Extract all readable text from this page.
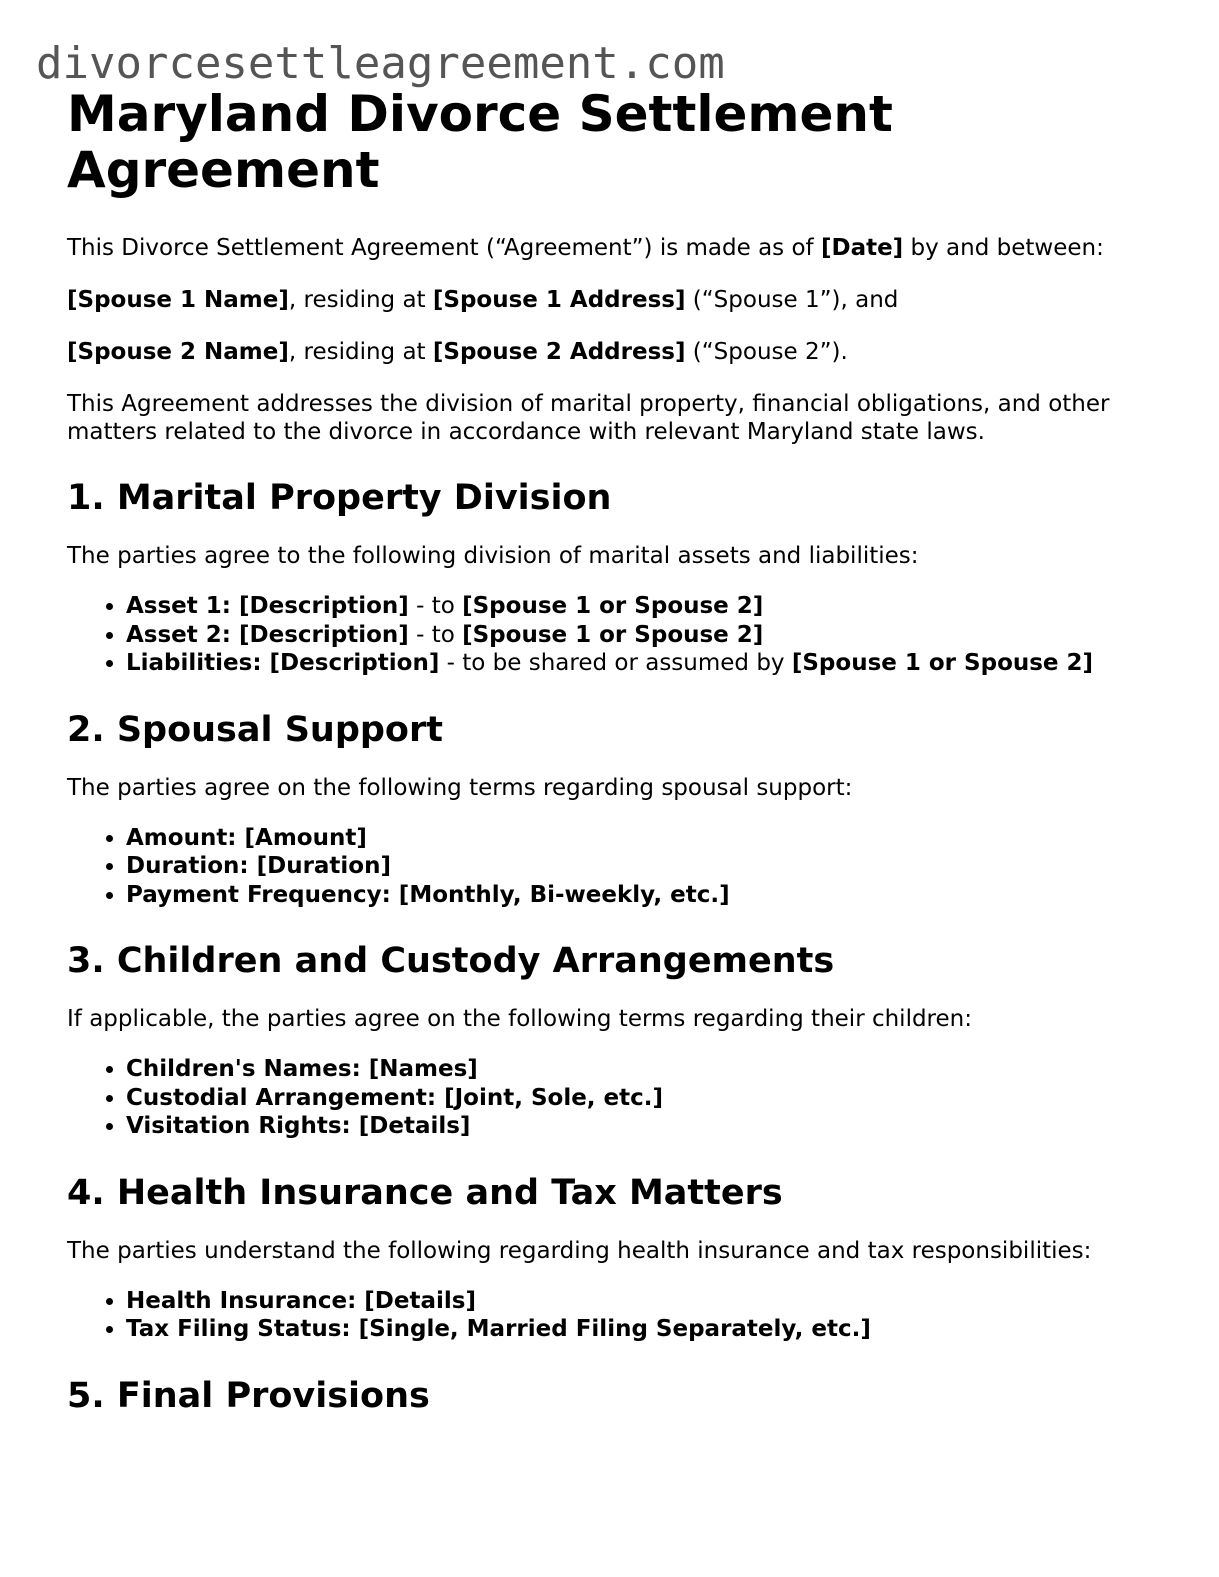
divorcesettleagreement.com
Maryland Divorce Settlement Agreement

This Divorce Settlement Agreement (“Agreement”) is made as of [Date] by and between:

[Spouse 1 Name], residing at [Spouse 1 Address] (“Spouse 1”), and

[Spouse 2 Name], residing at [Spouse 2 Address] (“Spouse 2”).

This Agreement addresses the division of marital property, financial obligations, and other matters related to the divorce in accordance with relevant Maryland state laws.

1. Marital Property Division

The parties agree to the following division of marital assets and liabilities:

• Asset 1: [Description] - to [Spouse 1 or Spouse 2]
• Asset 2: [Description] - to [Spouse 1 or Spouse 2]
• Liabilities: [Description] - to be shared or assumed by [Spouse 1 or Spouse 2]
2. Spousal Support

The parties agree on the following terms regarding spousal support:

• Amount: [Amount]
• Duration: [Duration]
• Payment Frequency: [Monthly, Bi-weekly, etc.]
3. Children and Custody Arrangements

If applicable, the parties agree on the following terms regarding their children:

• Children's Names: [Names]
• Custodial Arrangement: [Joint, Sole, etc.]
• Visitation Rights: [Details]
4. Health Insurance and Tax Matters

The parties understand the following regarding health insurance and tax responsibilities:

• Health Insurance: [Details]
• Tax Filing Status: [Single, Married Filing Separately, etc.]
5. Final Provisions
